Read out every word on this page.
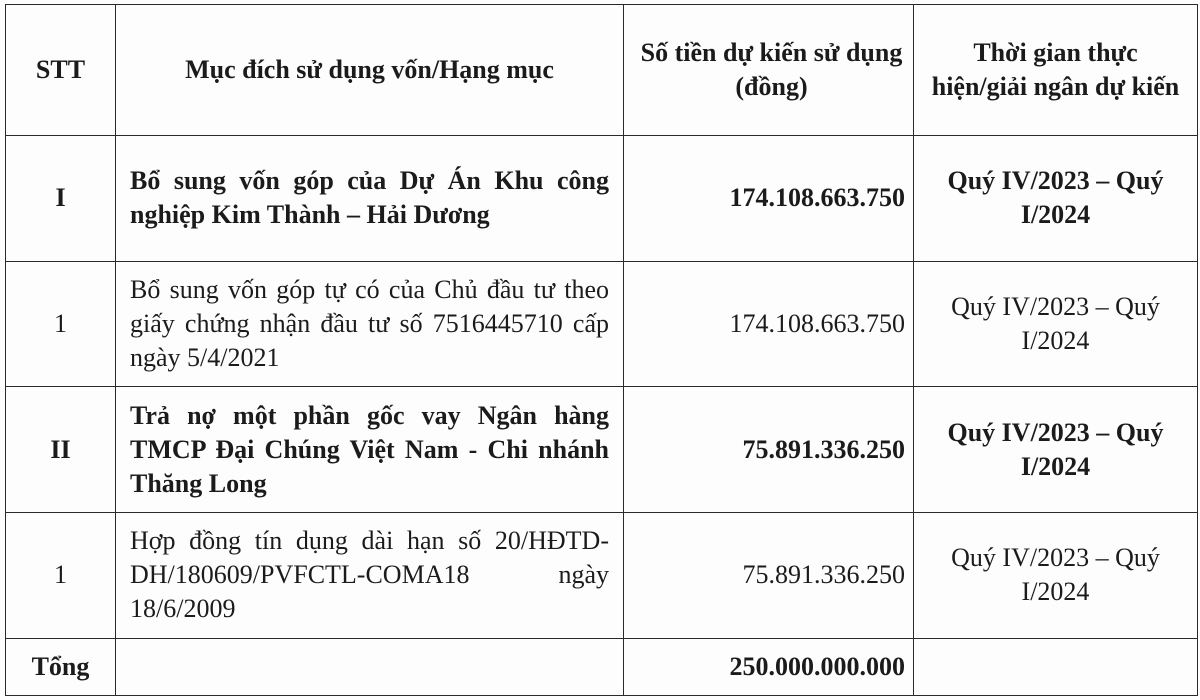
STT	Mục đích sử dụng vốn/Hạng mục	Số tiền dự kiến sử dụng (đồng)	Thời gian thực hiện/giải ngân dự kiến
I	Bổ sung vốn góp của Dự Án Khu công nghiệp Kim Thành – Hải Dương	174.108.663.750	Quý IV/2023 – Quý I/2024
1	Bổ sung vốn góp tự có của Chủ đầu tư theo giấy chứng nhận đầu tư số 7516445710 cấp ngày 5/4/2021	174.108.663.750	Quý IV/2023 – Quý I/2024
II	Trả nợ một phần gốc vay Ngân hàng TMCP Đại Chúng Việt Nam - Chi nhánh Thăng Long	75.891.336.250	Quý IV/2023 – Quý I/2024
1	Hợp đồng tín dụng dài hạn số 20/HĐTD-DH/180609/PVFCTL-COMA18 ngày 18/6/2009	75.891.336.250	Quý IV/2023 – Quý I/2024
Tổng		250.000.000.000	
